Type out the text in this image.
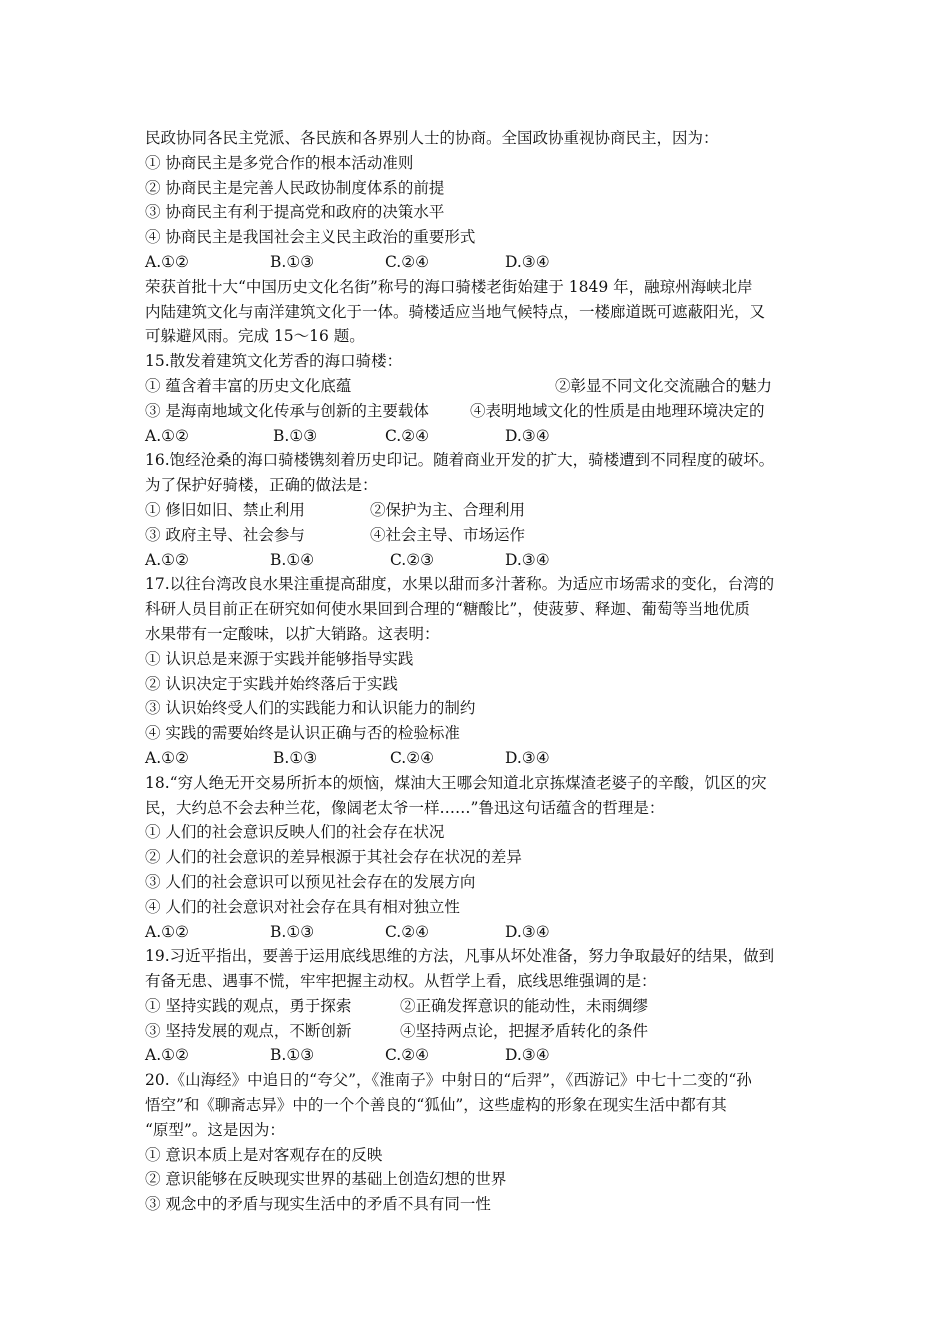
民政协同各民主党派、各民族和各界别人士的协商。全国政协重视协商民主，因为：
① 协商民主是多党合作的根本活动准则
② 协商民主是完善人民政协制度体系的前提
③ 协商民主有利于提高党和政府的决策水平
④ 协商民主是我国社会主义民主政治的重要形式
A.①②	B.①③	C.②④	D.③④
荣获首批十大“中国历史文化名街”称号的海口骑楼老街始建于 1849 年，融琼州海峡北岸
内陆建筑文化与南洋建筑文化于一体。骑楼适应当地气候特点，一楼廊道既可遮蔽阳光，又
可躲避风雨。完成 15～16 题。
15.散发着建筑文化芳香的海口骑楼：
① 蕴含着丰富的历史文化底蕴	②彰显不同文化交流融合的魅力
③ 是海南地域文化传承与创新的主要载体	④表明地域文化的性质是由地理环境决定的
A.①②	B.①③	C.②④	D.③④
16.饱经沧桑的海口骑楼镌刻着历史印记。随着商业开发的扩大，骑楼遭到不同程度的破坏。
为了保护好骑楼，正确的做法是：
① 修旧如旧、禁止利用	②保护为主、合理利用
③ 政府主导、社会参与	④社会主导、市场运作
A.①②	B.①④	C.②③	D.③④
17.以往台湾改良水果注重提高甜度，水果以甜而多汁著称。为适应市场需求的变化，台湾的
科研人员目前正在研究如何使水果回到合理的“糖酸比”，使菠萝、释迦、葡萄等当地优质
水果带有一定酸味，以扩大销路。这表明：
① 认识总是来源于实践并能够指导实践
② 认识决定于实践并始终落后于实践
③ 认识始终受人们的实践能力和认识能力的制约
④ 实践的需要始终是认识正确与否的检验标准
A.①②	B.①③	C.②④	D.③④
18.“穷人绝无开交易所折本的烦恼，煤油大王哪会知道北京拣煤渣老婆子的辛酸，饥区的灾
民，大约总不会去种兰花，像阔老太爷一样……”鲁迅这句话蕴含的哲理是：
① 人们的社会意识反映人们的社会存在状况
② 人们的社会意识的差异根源于其社会存在状况的差异
③ 人们的社会意识可以预见社会存在的发展方向
④ 人们的社会意识对社会存在具有相对独立性
A.①②	B.①③	C.②④	D.③④
19.习近平指出，要善于运用底线思维的方法，凡事从坏处准备，努力争取最好的结果，做到
有备无患、遇事不慌，牢牢把握主动权。从哲学上看，底线思维强调的是：
① 坚持实践的观点，勇于探索	②正确发挥意识的能动性，未雨绸缪
③ 坚持发展的观点，不断创新	④坚持两点论，把握矛盾转化的条件
A.①②	B.①③	C.②④	D.③④
20.《山海经》中追日的“夸父”，《淮南子》中射日的“后羿”，《西游记》中七十二变的“孙
悟空”和《聊斋志异》中的一个个善良的“狐仙”，这些虚构的形象在现实生活中都有其
“原型”。这是因为：
① 意识本质上是对客观存在的反映
② 意识能够在反映现实世界的基础上创造幻想的世界
③ 观念中的矛盾与现实生活中的矛盾不具有同一性
